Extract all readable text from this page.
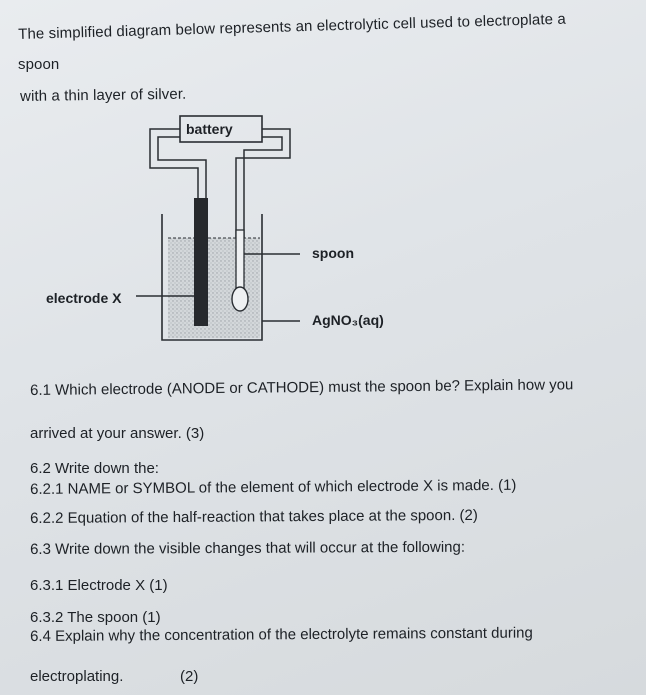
The simplified diagram below represents an electrolytic cell used to electroplate a
spoon
with a thin layer of silver.
battery
spoon
electrode X
AgNO₃(aq)
6.1 Which electrode (ANODE or CATHODE) must the spoon be? Explain how you
arrived at your answer. (3)
6.2 Write down the:
6.2.1 NAME or SYMBOL of the element of which electrode X is made. (1)
6.2.2 Equation of the half-reaction that takes place at the spoon. (2)
6.3 Write down the visible changes that will occur at the following:
6.3.1 Electrode X (1)
6.3.2 The spoon (1)
6.4 Explain why the concentration of the electrolyte remains constant during
electroplating.	(2)
